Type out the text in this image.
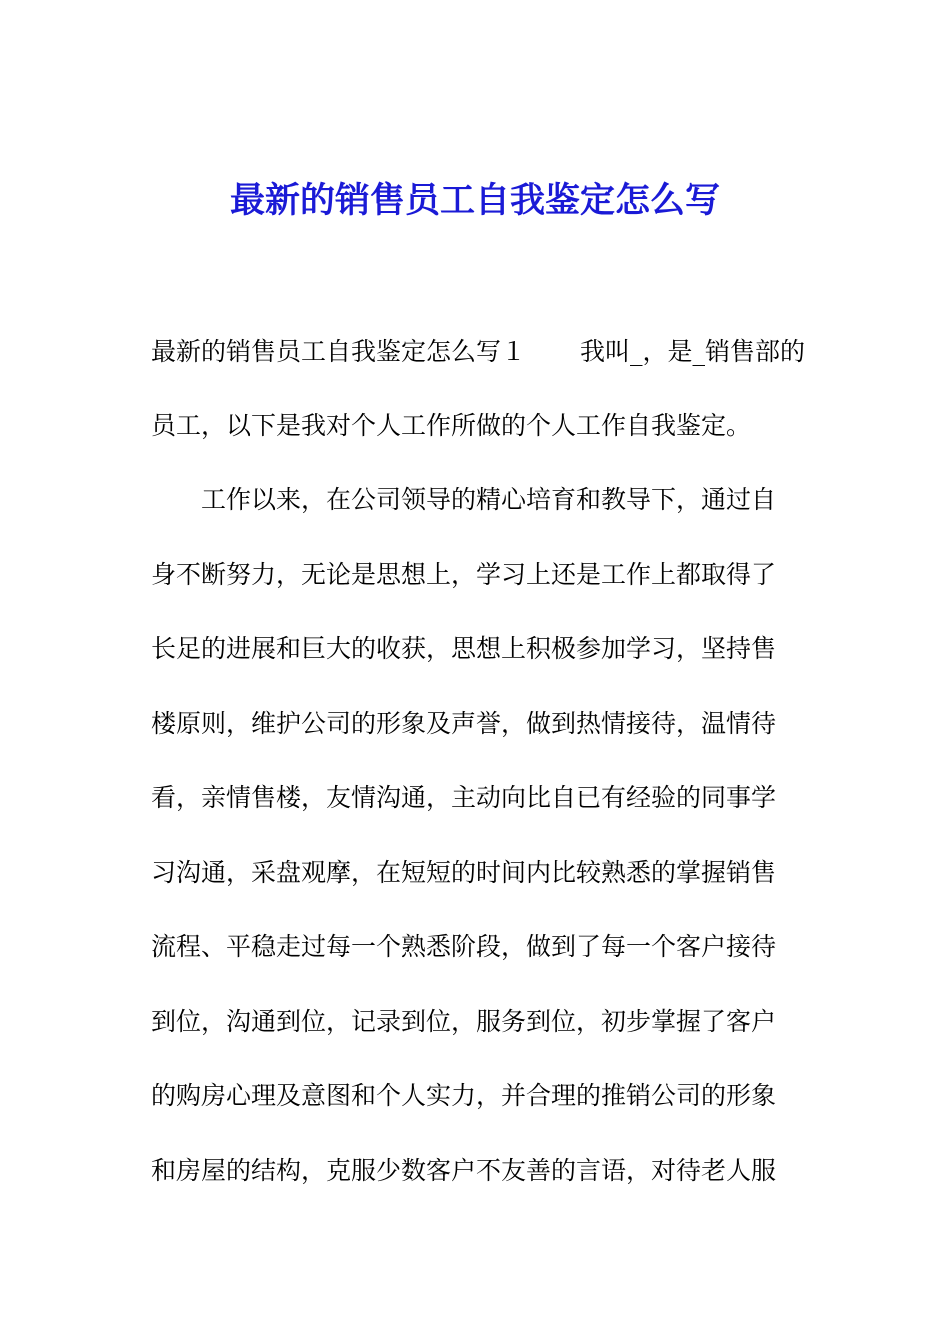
最新的销售员工自我鉴定怎么写

最新的销售员工自我鉴定怎么写１ 我叫_，是_销售部的

员工，以下是我对个人工作所做的个人工作自我鉴定。

　　工作以来，在公司领导的精心培育和教导下，通过自

身不断努力，无论是思想上，学习上还是工作上都取得了

长足的进展和巨大的收获，思想上积极参加学习，坚持售

楼原则，维护公司的形象及声誉，做到热情接待，温情待

看，亲情售楼，友情沟通，主动向比自已有经验的同事学

习沟通，采盘观摩，在短短的时间内比较熟悉的掌握销售

流程、平稳走过每一个熟悉阶段，做到了每一个客户接待

到位，沟通到位，记录到位，服务到位，初步掌握了客户

的购房心理及意图和个人实力，并合理的推销公司的形象

和房屋的结构，克服少数客户不友善的言语，对待老人服
